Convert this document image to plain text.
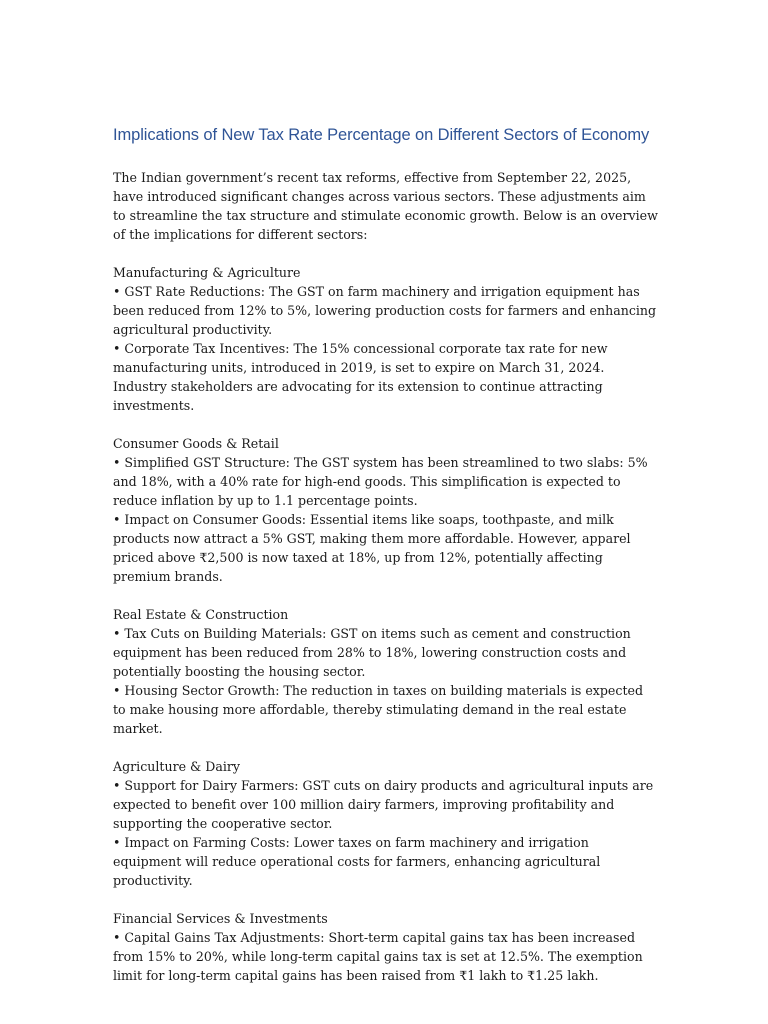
Implications of New Tax Rate Percentage on Different Sectors of Economy

The Indian government’s recent tax reforms, effective from September 22, 2025, have introduced significant changes across various sectors. These adjustments aim to streamline the tax structure and stimulate economic growth. Below is an overview of the implications for different sectors:

Manufacturing & Agriculture
• GST Rate Reductions: The GST on farm machinery and irrigation equipment has been reduced from 12% to 5%, lowering production costs for farmers and enhancing agricultural productivity.
• Corporate Tax Incentives: The 15% concessional corporate tax rate for new manufacturing units, introduced in 2019, is set to expire on March 31, 2024. Industry stakeholders are advocating for its extension to continue attracting investments.
Consumer Goods & Retail
• Simplified GST Structure: The GST system has been streamlined to two slabs: 5% and 18%, with a 40% rate for high-end goods. This simplification is expected to reduce inflation by up to 1.1 percentage points.
• Impact on Consumer Goods: Essential items like soaps, toothpaste, and milk products now attract a 5% GST, making them more affordable. However, apparel priced above ₹2,500 is now taxed at 18%, up from 12%, potentially affecting premium brands.
Real Estate & Construction
• Tax Cuts on Building Materials: GST on items such as cement and construction equipment has been reduced from 28% to 18%, lowering construction costs and potentially boosting the housing sector.
• Housing Sector Growth: The reduction in taxes on building materials is expected to make housing more affordable, thereby stimulating demand in the real estate market.
Agriculture & Dairy
• Support for Dairy Farmers: GST cuts on dairy products and agricultural inputs are expected to benefit over 100 million dairy farmers, improving profitability and supporting the cooperative sector.
• Impact on Farming Costs: Lower taxes on farm machinery and irrigation equipment will reduce operational costs for farmers, enhancing agricultural productivity.
Financial Services & Investments
• Capital Gains Tax Adjustments: Short-term capital gains tax has been increased from 15% to 20%, while long-term capital gains tax is set at 12.5%. The exemption limit for long-term capital gains has been raised from ₹1 lakh to ₹1.25 lakh.
